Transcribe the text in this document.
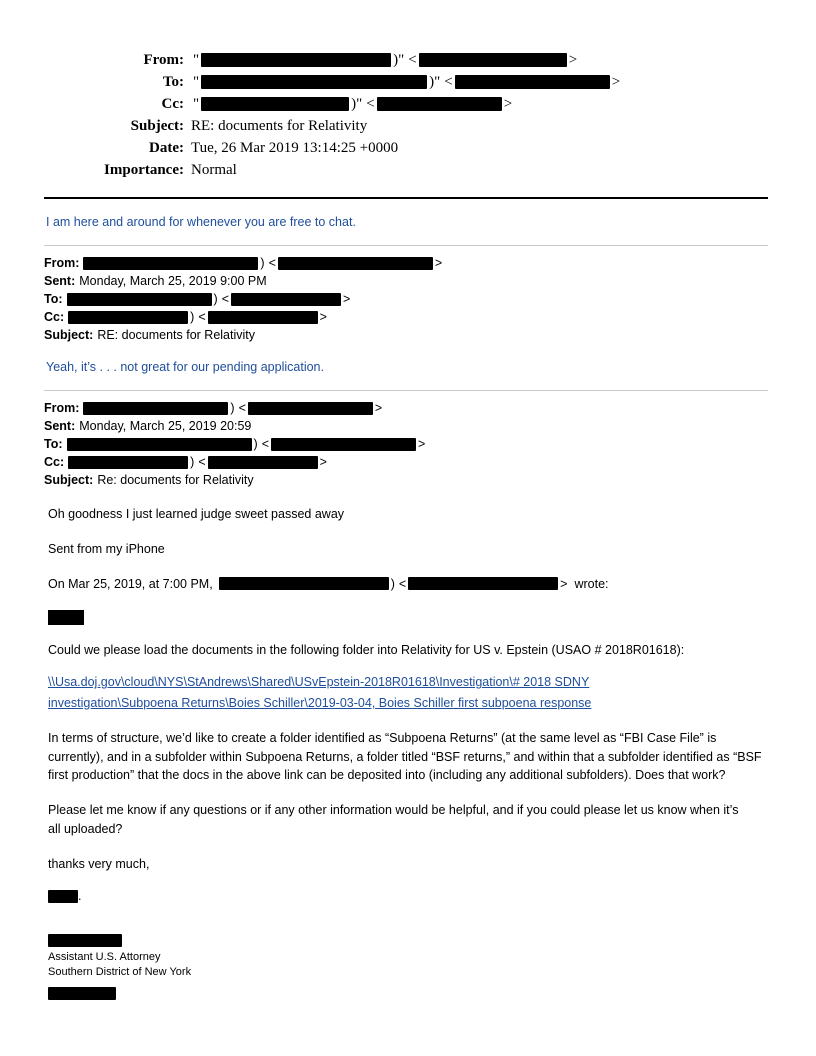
From: "	)" <	>
To: "	)" <	>
Cc: "	)" <	>
Subject: RE: documents for Relativity
Date: Tue, 26 Mar 2019 13:14:25 +0000
Importance: Normal
I am here and around for whenever you are free to chat.
From:	) <	>
Sent: Monday, March 25, 2019 9:00 PM
To:	) <	>
Cc:	) <	>
Subject: RE: documents for Relativity
Yeah, it’s . . . not great for our pending application.
From:	) <	>
Sent: Monday, March 25, 2019 20:59
To:	) <	>
Cc:	) <	>
Subject: Re: documents for Relativity
Oh goodness I just learned judge sweet passed away
Sent from my iPhone
On Mar 25, 2019, at 7:00 PM,	) <	> wrote:
Could we please load the documents in the following folder into Relativity for US v. Epstein (USAO # 2018R01618):
\\Usa.doj.gov\cloud\NYS\StAndrews\Shared\USvEpstein-2018R01618\Investigation\# 2018 SDNY
investigation\Subpoena Returns\Boies Schiller\2019-03-04, Boies Schiller first subpoena response
In terms of structure, we’d like to create a folder identified as “Subpoena Returns” (at the same level as “FBI Case File” is currently), and in a subfolder within Subpoena Returns, a folder titled “BSF returns,” and within that a subfolder identified as “BSF first production” that the docs in the above link can be deposited into (including any additional subfolders). Does that work?
Please let me know if any questions or if any other information would be helpful, and if you could please let us know when it’s all uploaded?
thanks very much,
.
Assistant U.S. Attorney
Southern District of New York
